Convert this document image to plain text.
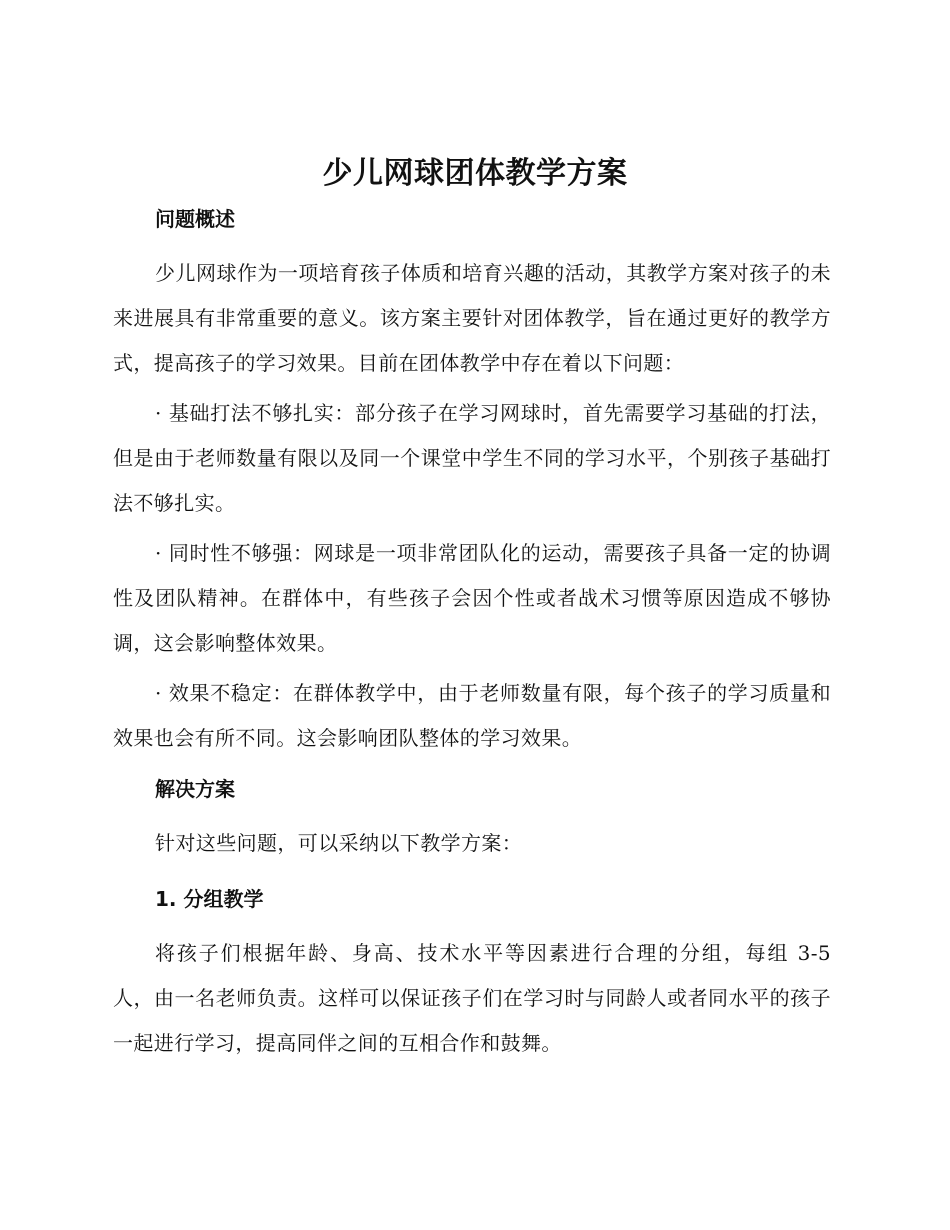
少儿网球团体教学方案
问题概述
少儿网球作为一项培育孩子体质和培育兴趣的活动，其教学方案对孩子的未来进展具有非常重要的意义。该方案主要针对团体教学，旨在通过更好的教学方式，提高孩子的学习效果。目前在团体教学中存在着以下问题：
· 基础打法不够扎实：部分孩子在学习网球时，首先需要学习基础的打法，但是由于老师数量有限以及同一个课堂中学生不同的学习水平，个别孩子基础打法不够扎实。
· 同时性不够强：网球是一项非常团队化的运动，需要孩子具备一定的协调性及团队精神。在群体中，有些孩子会因个性或者战术习惯等原因造成不够协调，这会影响整体效果。
· 效果不稳定：在群体教学中，由于老师数量有限，每个孩子的学习质量和效果也会有所不同。这会影响团队整体的学习效果。
解决方案
针对这些问题，可以采纳以下教学方案：
1. 分组教学
将孩子们根据年龄、身高、技术水平等因素进行合理的分组，每组 3-5 人，由一名老师负责。这样可以保证孩子们在学习时与同龄人或者同水平的孩子一起进行学习，提高同伴之间的互相合作和鼓舞。
